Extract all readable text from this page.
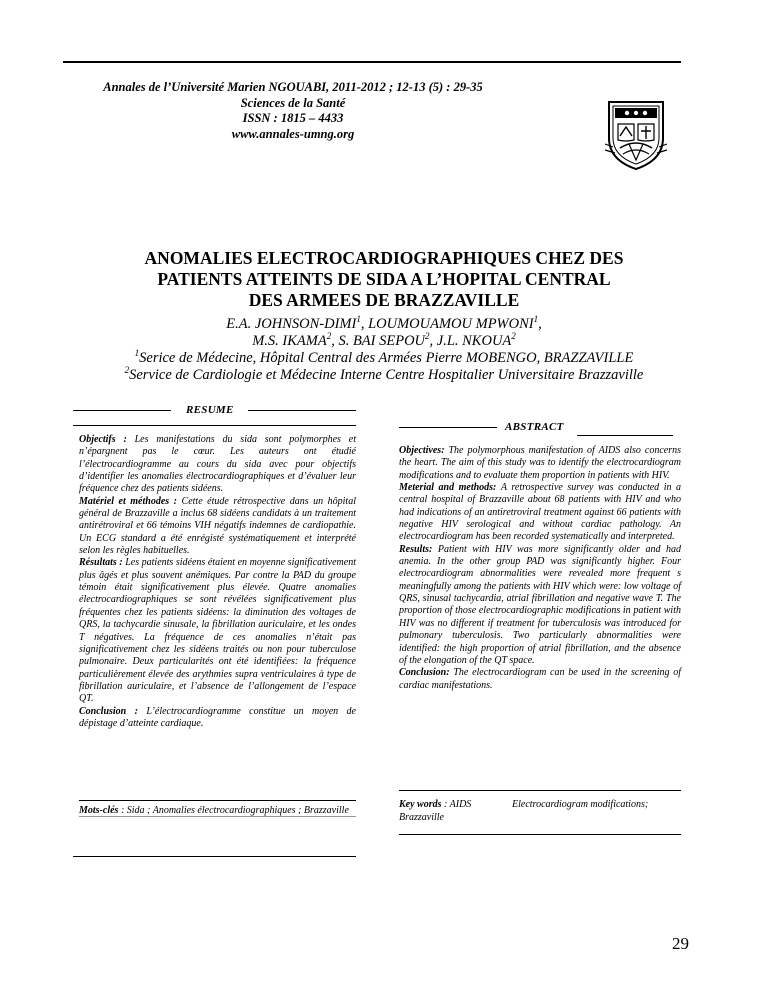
Annales de l’Université Marien NGOUABI, 2011-2012 ; 12-13 (5) : 29-35
Sciences de la Santé
ISSN : 1815 – 4433
www.annales-umng.org
ANOMALIES ELECTROCARDIOGRAPHIQUES CHEZ DES
PATIENTS ATTEINTS DE SIDA A L’HOPITAL CENTRAL
DES ARMEES DE BRAZZAVILLE
E.A. JOHNSON-DIMI$^1$, LOUMOUAMOU MPWONI$^1$,
M.S. IKAMA$^2$, S. BAI SEPOU$^2$, J.L. NKOUA$^2$
$^1$Serice de Médecine, Hôpital Central des Armées Pierre MOBENGO, BRAZZAVILLE
$^2$Service de Cardiologie et Médecine Interne Centre Hospitalier Universitaire Brazzaville
RESUME

Objectifs : Les manifestations du sida sont polymorphes et n’épargnent pas le cœur. Les auteurs ont étudié l’électrocardiogramme au cours du sida avec pour objectifs d’identifier les anomalies électrocardiographiques et d’évaluer leur fréquence chez des patients sidéens.

Matériel et méthodes : Cette étude rétrospective dans un hôpital général de Brazzaville a inclus 68 sidéens candidats à un traitement antirétroviral et 66 témoins VIH négatifs indemnes de cardiopathie. Un ECG standard a été enrégisté systématiquement et interprété selon les règles habituelles.

Résultats : Les patients sidéens étaient en moyenne significativement plus âgés et plus souvent anémiques. Par contre la PAD du groupe témoin était significativement plus élevée. Quatre anomalies électrocardiographiques se sont révélées significativement plus fréquentes chez les patients sidéens: la diminution des voltages de QRS, la tachycardie sinusale, la fibrillation auriculaire, et les ondes T négatives. La fréquence de ces anomalies n’était pas significativement chez les sidéens traités ou non pour tuberculose pulmonaire. Deux particularités ont été identifiées: la fréquence particulièrement élevée des arythmies supra ventriculaires à type de fibrillation auriculaire, et l’absence de l’allongement de l’espace QT.

Conclusion : L’électrocardiogramme constitue un moyen de dépistage d’atteinte cardiaque.

Mots-clés : Sida ; Anomalies électrocardiographiques ; Brazzaville
ABSTRACT

Objectives: The polymorphous manifestation of AIDS also concerns the heart. The aim of this study was to identify the electrocardiogram modifications and to evaluate them proportion in patients with HIV.

Meterial and methods: A retrospective survey was conducted in a central hospital of Brazzaville about 68 patients with HIV and who had indications of an antiretroviral treatment against 66 patients with negative HIV serological and without cardiac pathology. An electrocardiogram has been recorded systematically and interpreted.

Results: Patient with HIV was more significantly older and had anemia. In the other group PAD was significantly higher. Four electrocardiogram abnormalities were revealed more frequent s meaningfully among the patients with HIV which were: low voltage of QRS, sinusal tachycardia, atrial fibrillation and negative wave T. The proportion of those electrocardiographic modifications in patient with HIV was no different if treatment for tuberculosis was introduced for pulmonary tuberculosis. Two particularly abnormalities were identified: the high proportion of atrial fibrillation, and the absence of the elongation of the QT space.

Conclusion: The electrocardiogram can be used in the screening of cardiac manifestations.

Key words : AIDS	Electrocardiogram modifications;
Brazzaville
29
